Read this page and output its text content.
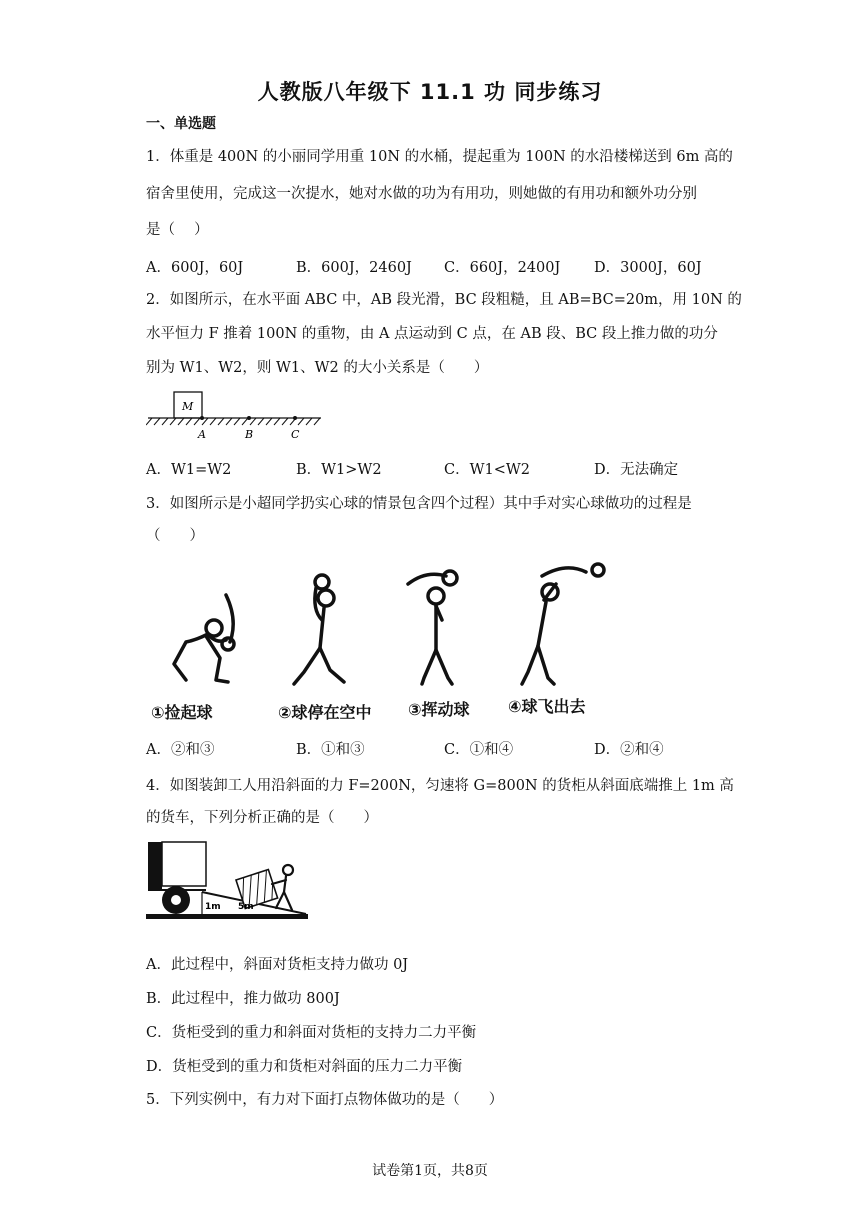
人教版八年级下 11.1 功 同步练习
一、单选题
1．体重是 400N 的小丽同学用重 10N 的水桶，提起重为 100N 的水沿楼梯送到 6m 高的
宿舍里使用，完成这一次提水，她对水做的功为有用功，则她做的有用功和额外功分别
是（　 ）
A．600J，60J	B．600J，2460J C．660J，2400J D．3000J，60J
2．如图所示，在水平面 ABC 中，AB 段光滑，BC 段粗糙，且 AB=BC=20m，用 10N 的
水平恒力 F 推着 100N 的重物，由 A 点运动到 C 点，在 AB 段、BC 段上推力做的功分
别为 W1、W2，则 W1、W2 的大小关系是（　　）
M
A	B	C
A．W1=W2	B．W1>W2	C．W1<W2	D．无法确定
3．如图所示是小超同学扔实心球的情景包含四个过程）其中手对实心球做功的过程是
（　　）
①捡起球	②球停在空中 ③挥动球 ④球飞出去
A．②和③	B．①和③	C．①和④	D．②和④
4．如图装卸工人用沿斜面的力 F=200N，匀速将 G=800N 的货柜从斜面底端推上 1m 高
的货车，下列分析正确的是（　　）
1m 5m
A．此过程中，斜面对货柜支持力做功 0J
B．此过程中，推力做功 800J
C．货柜受到的重力和斜面对货柜的支持力二力平衡
D．货柜受到的重力和货柜对斜面的压力二力平衡
5．下列实例中，有力对下面打点物体做功的是（　　）
试卷第1页，共8页
